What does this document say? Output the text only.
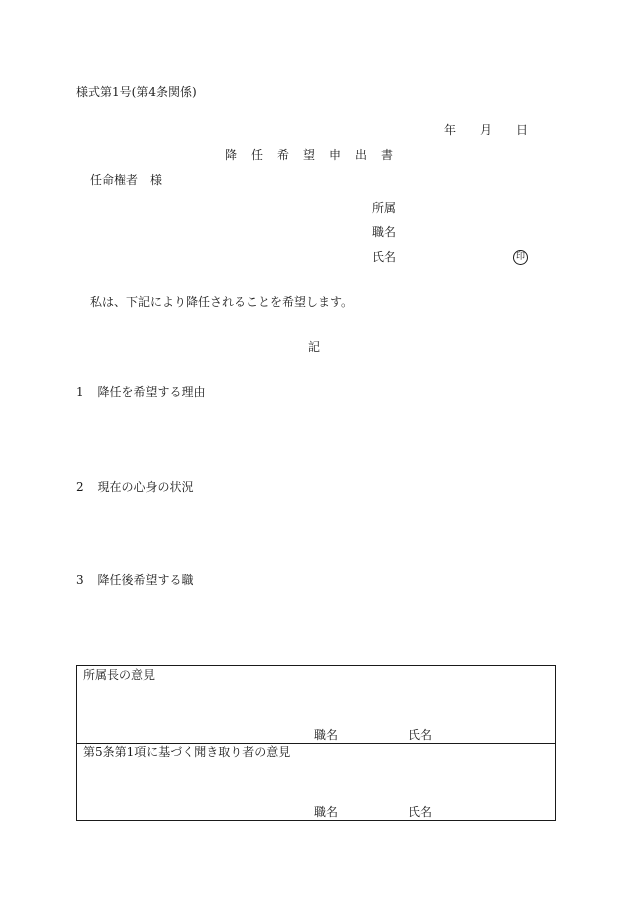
様式第1号(第4条関係)
年 月 日
降任希望申出書
任命権者　様
所属
職名
氏名	印
私は、下記により降任されることを希望します。
記
1 降任を希望する理由
2 現在の心身の状況
3 降任後希望する職
所属長の意見
職名	氏名
第5条第1項に基づく聞き取り者の意見
職名	氏名
